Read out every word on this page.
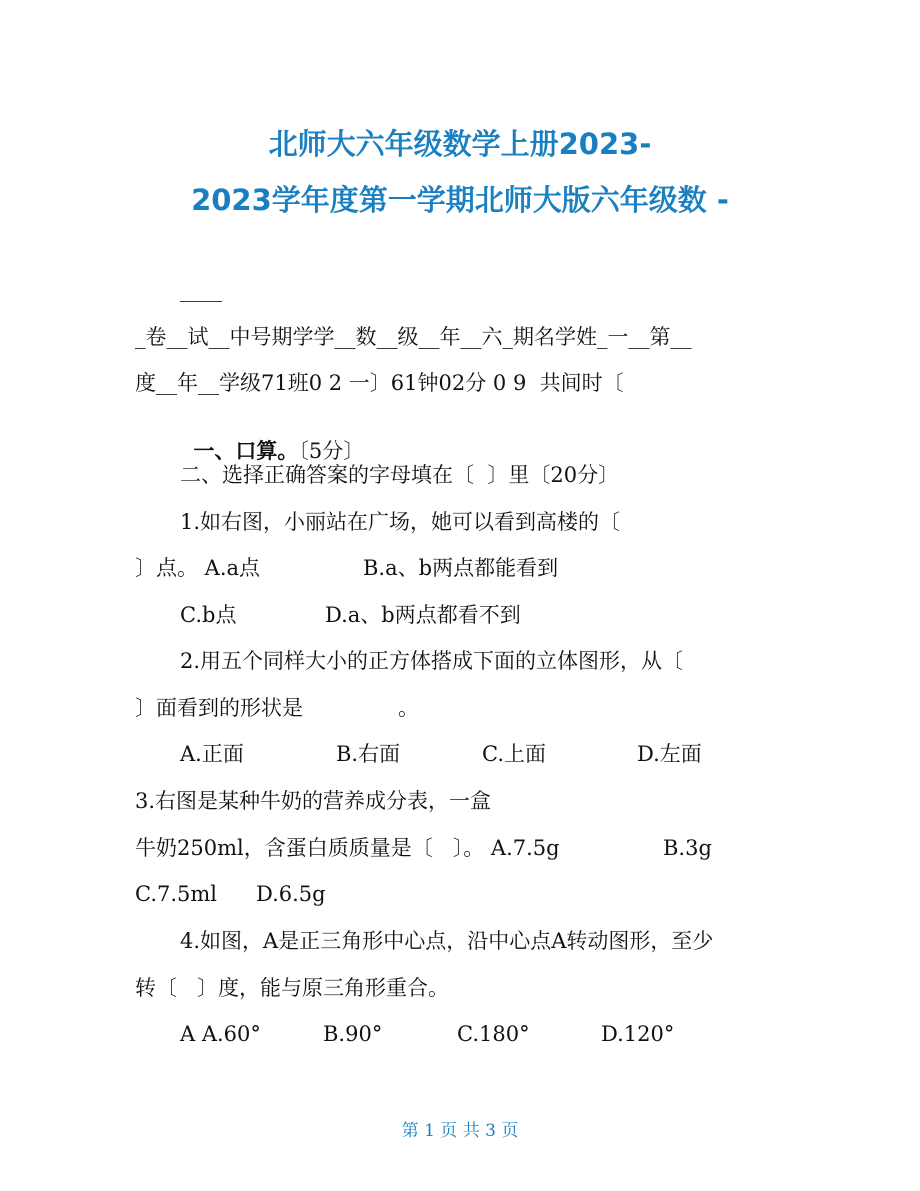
北师大六年级数学上册2023-
2023学年度第一学期北师大版六年级数 -
____
_卷__试__中号期学学__数__级__年__六_期名学姓_一__第__
度__年__学级71班0 2 一〕61钟02分 0 9  共间时〔

一、口算。〔5分〕

二、选择正确答案的字母填在〔  〕里〔20分〕
1.如右图，小丽站在广场，她可以看到高楼的〔
〕点。 A.a点	B.a、b两点都能看到
C.b点	D.a、b两点都看不到
2.用五个同样大小的正方体搭成下面的立体图形，从〔
〕面看到的形状是	。
A.正面	B.右面	C.上面	D.左面
3.右图是某种牛奶的营养成分表，一盒
牛奶250ml，含蛋白质质量是〔   〕。 A.7.5g	B.3g
C.7.5ml D.6.5g
4.如图，A是正三角形中心点，沿中心点A转动图形，至少
转〔   〕度，能与原三角形重合。
A A.60°	B.90°	C.180°	D.120°
第 1 页 共 3 页
